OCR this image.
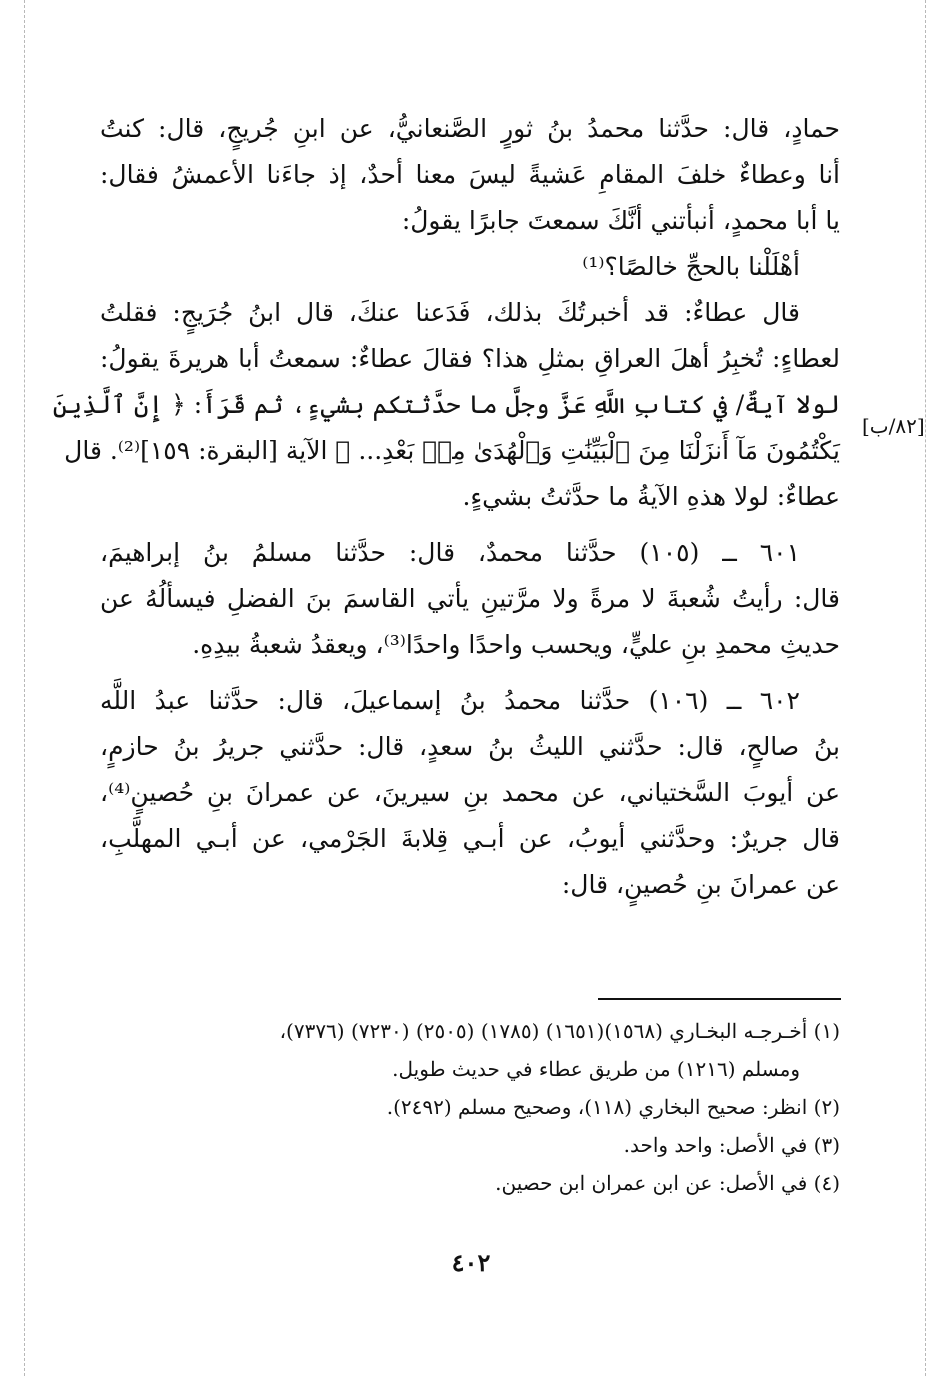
حمادٍ، قال: حدَّثنا محمدُ بنُ ثورٍ الصَّنعانيُّ، عن ابنِ جُريجٍ، قال: كنتُ
أنا وعطاءٌ خلفَ المقامِ عَشيةً ليسَ معنا أحدٌ، إذ جاءَنا الأعمشُ فقال:
يا أبا محمدٍ، أنبأتني أنَّكَ سمعتَ جابرًا يقولُ:
أهْلَلْنا بالحجِّ خالصًا؟⁽¹⁾
قال عطاءٌ: قد أخبرتُكَ بذلك، فَدَعنا عنكَ، قال ابنُ جُرَيجٍ: فقلتُ
لعطاءٍ: تُخبِرُ أهلَ العراقِ بمثلِ هذا؟ فقالَ عطاءٌ: سمعتُ أبا هريرةَ يقولُ:
لولا آيةٌ/ في كتابِ اللَّهِ عَزَّ وجلَّ ما حدَّثتكم بشيءٍ، ثم قَرَأَ: ﴿ إِنَّ ٱلَّذِينَ
يَكْتُمُونَ مَآ أَنزَلْنَا مِنَ ٱلْبَيِّنَٰتِ وَٱلْهُدَىٰ مِنۢ بَعْدِ... ﴾ الآية [البقرة: ١٥٩]⁽²⁾. قال
عطاءٌ: لولا هذهِ الآيةُ ما حدَّثتُ بشيءٍ.
٦٠١ ــ (١٠٥) حدَّثنا محمدٌ، قال: حدَّثنا مسلمُ بنُ إبراهيمَ،
قال: رأيتُ شُعبةَ لا مرةً ولا مرَّتينِ يأتي القاسمَ بنَ الفضلِ فيسألُهُ عن
حديثِ محمدِ بنِ عليٍّ، ويحسب واحدًا واحدًا⁽³⁾، ويعقدُ شعبةُ بيدِهِ.
٦٠٢ ــ (١٠٦) حدَّثنا محمدُ بنُ إسماعيلَ، قال: حدَّثنا عبدُ اللَّه
بنُ صالحٍ، قال: حدَّثني الليثُ بنُ سعدٍ، قال: حدَّثني جريرُ بنُ حازمٍ،
عن أيوبَ السَّختياني، عن محمد بنِ سيرينَ، عن عمرانَ بنِ حُصينٍ⁽⁴⁾،
قال جريرٌ: وحدَّثني أيوبُ، عن أبـي قِلابةَ الجَرْمي، عن أبـي المهلَّبِ،
عن عمرانَ بنِ حُصينٍ، قال:
[٨٢/ب]
(١) أخـرجـه البخـاري (١٥٦٨)(١٦٥١) (١٧٨٥) (٢٥٠٥) (٧٢٣٠) (٧٣٧٦)،
ومسلم (١٢١٦) من طريق عطاء في حديث طويل.
(٢) انظر: صحيح البخاري (١١٨)، وصحيح مسلم (٢٤٩٢).
(٣) في الأصل: واحد واحد.
(٤) في الأصل: عن ابن عمران ابن حصين.
٤٠٢
